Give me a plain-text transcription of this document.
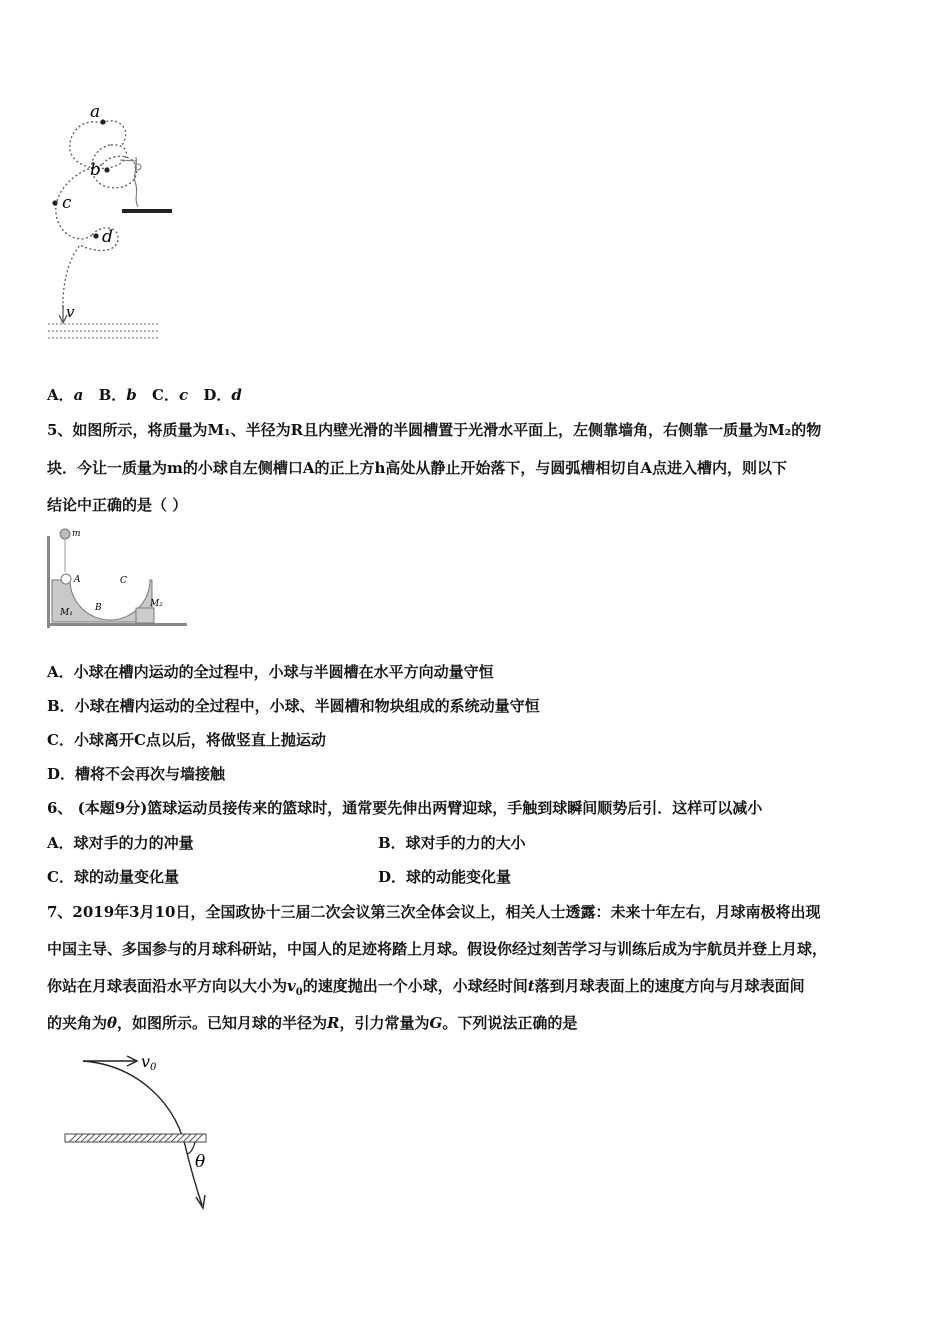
a
b
c
d
v
A．a B．b C．c D．d
5、如图所示，将质量为M₁、半径为R且内壁光滑的半圆槽置于光滑水平面上，左侧靠墙角，右侧靠一质量为M₂的物
块．今让一质量为m的小球自左侧槽口A的正上方h高处从静止开始落下，与圆弧槽相切自A点进入槽内，则以下
结论中正确的是（ ）
m
A
B
C
M₁
M₂
A．小球在槽内运动的全过程中，小球与半圆槽在水平方向动量守恒
B．小球在槽内运动的全过程中，小球、半圆槽和物块组成的系统动量守恒
C．小球离开C点以后，将做竖直上抛运动
D．槽将不会再次与墙接触
6、 (本题9分)篮球运动员接传来的篮球时，通常要先伸出两臂迎球，手触到球瞬间顺势后引．这样可以减小
A．球对手的力的冲量	B．球对手的力的大小
C．球的动量变化量	D．球的动能变化量
7、2019年3月10日，全国政协十三届二次会议第三次全体会议上，相关人士透露：未来十年左右，月球南极将出现
中国主导、多国参与的月球科研站，中国人的足迹将踏上月球。假设你经过刻苦学习与训练后成为宇航员并登上月球，
你站在月球表面沿水平方向以大小为$v_0$的速度抛出一个小球，小球经时间t落到月球表面上的速度方向与月球表面间
的夹角为θ，如图所示。已知月球的半径为R，引力常量为G。下列说法正确的是
v0
θ
